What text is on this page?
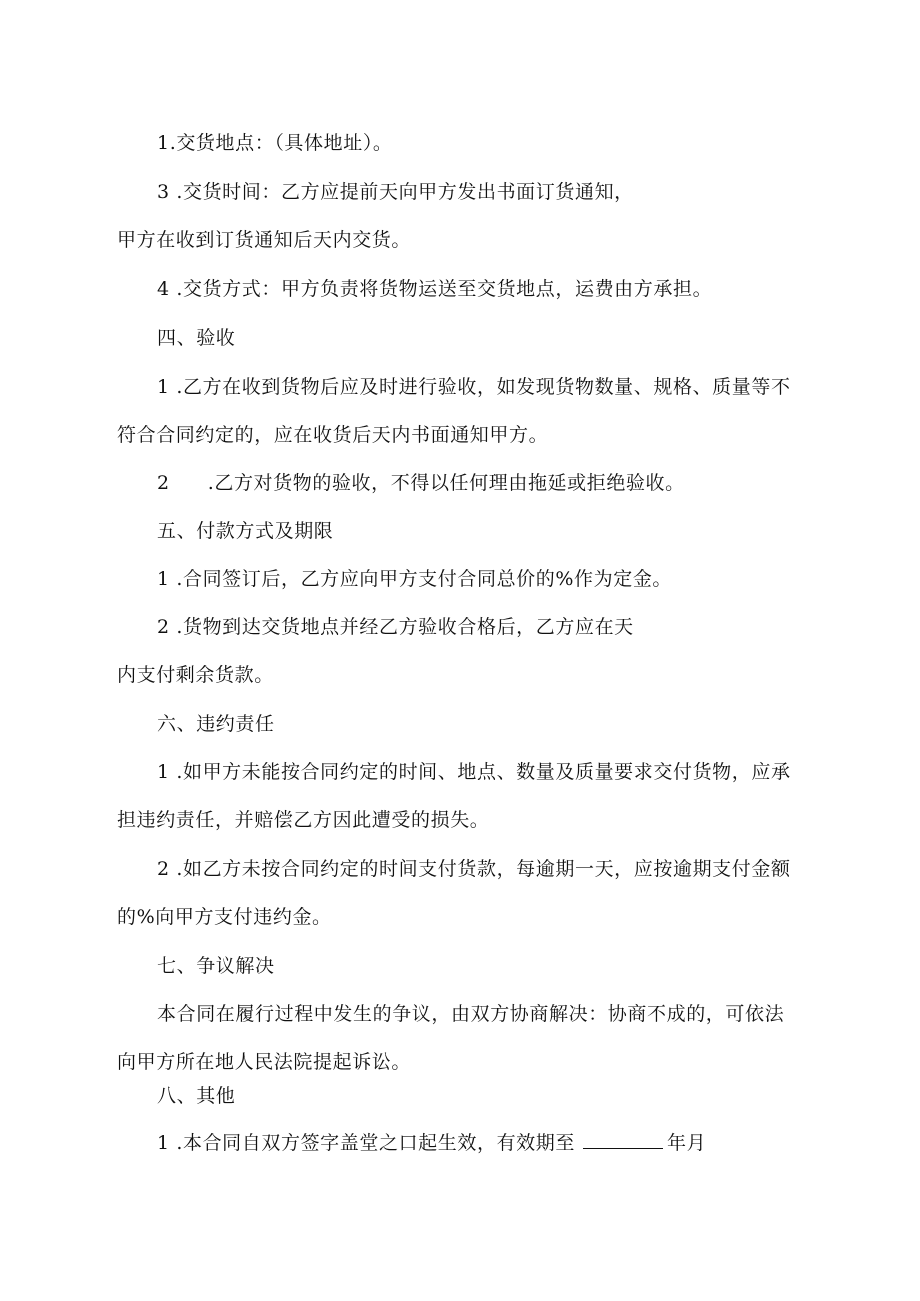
1.交货地点：（具体地址）。
3 .交货时间：乙方应提前天向甲方发出书面订货通知，
甲方在收到订货通知后天内交货。
4 .交货方式：甲方负责将货物运送至交货地点，运费由方承担。
四、验收
1 .乙方在收到货物后应及时进行验收，如发现货物数量、规格、质量等不
符合合同约定的，应在收货后天内书面通知甲方。
2 .乙方对货物的验收，不得以任何理由拖延或拒绝验收。
五、付款方式及期限
1 .合同签订后，乙方应向甲方支付合同总价的%作为定金。
2 .货物到达交货地点并经乙方验收合格后，乙方应在天
内支付剩余货款。
六、违约责任
1 .如甲方未能按合同约定的时间、地点、数量及质量要求交付货物，应承
担违约责任，并赔偿乙方因此遭受的损失。
2 .如乙方未按合同约定的时间支付货款，每逾期一天，应按逾期支付金额
的%向甲方支付违约金。
七、争议解决
本合同在履行过程中发生的争议，由双方协商解决：协商不成的，可依法
向甲方所在地人民法院提起诉讼。
八、其他
1 .本合同自双方签字盖堂之口起生效，有效期至	年月
